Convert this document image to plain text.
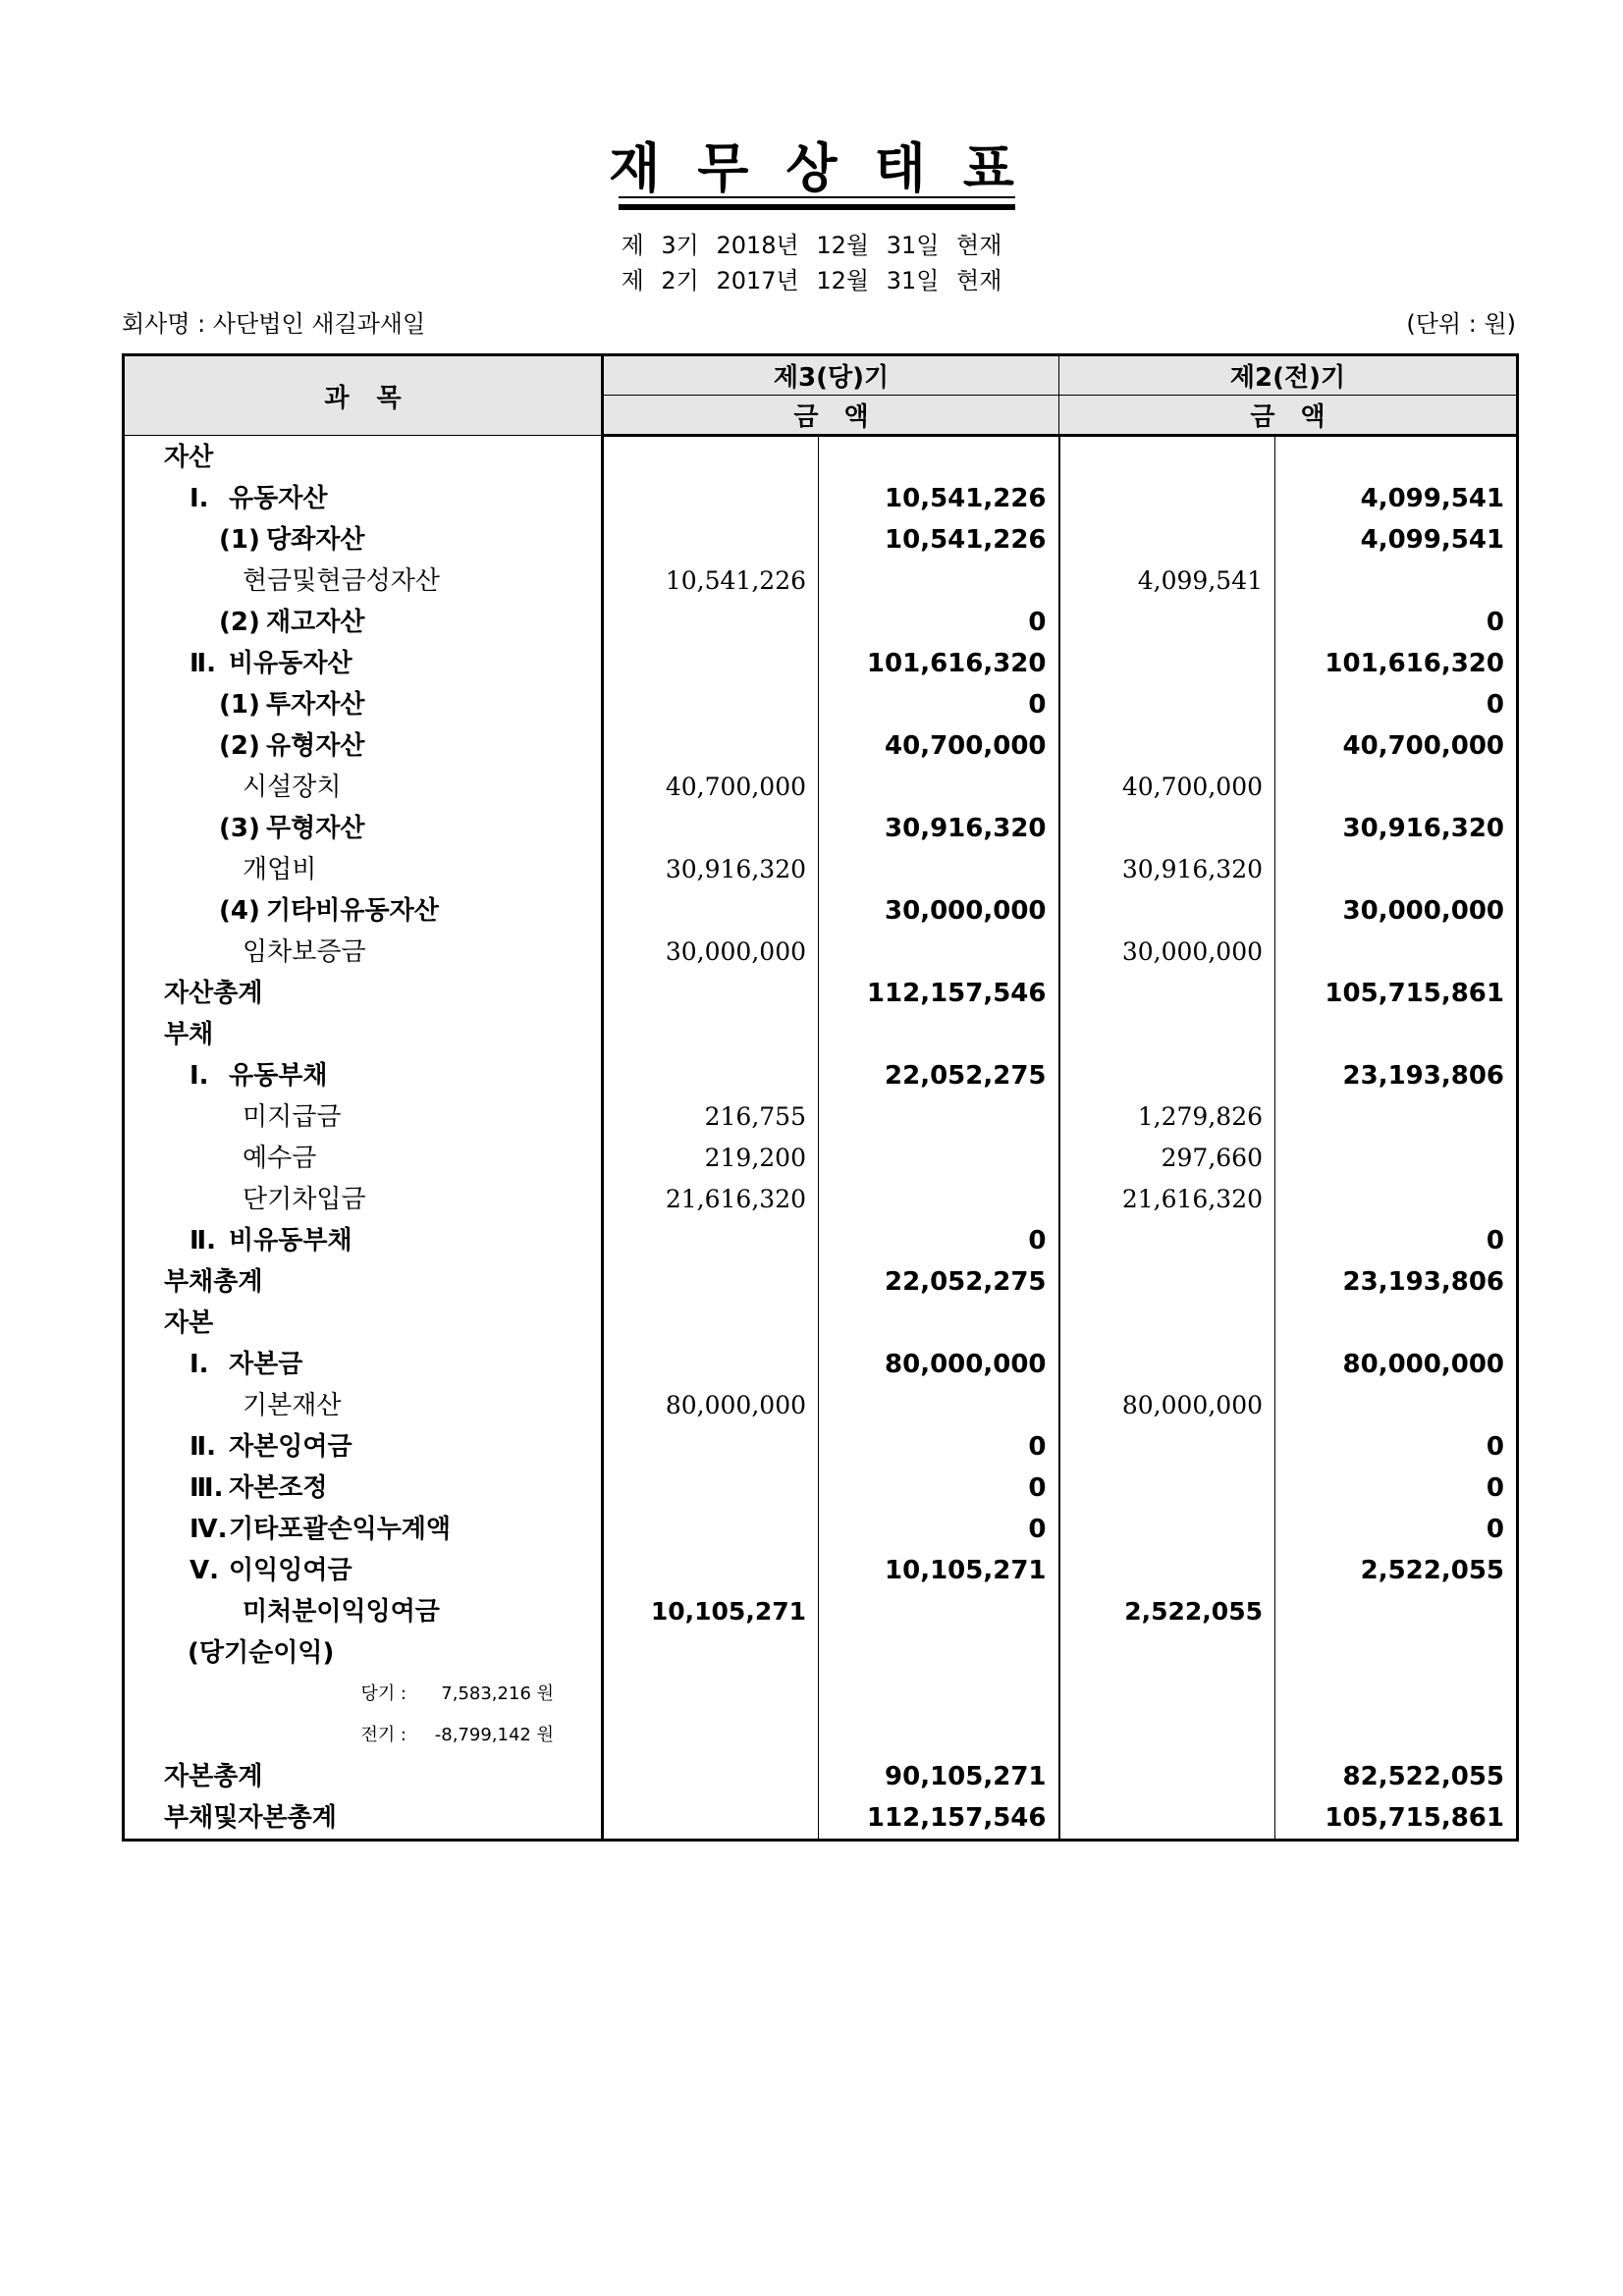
재무상태표
제 3기 2018년 12월 31일 현재
제 2기 2017년 12월 31일 현재
회사명 : 사단법인 새길과새일	(단위 : 원)
과목	제3(당)기		제2(전)기	
	금액		금액	

자산				

Ⅰ. 유동자산		10,541,226		4,099,541

(1) 당좌자산		10,541,226		4,099,541

현금및현금성자산	10,541,226		4,099,541	

(2) 재고자산		0		0

Ⅱ. 비유동자산		101,616,320		101,616,320

(1) 투자자산		0		0

(2) 유형자산		40,700,000		40,700,000

시설장치	40,700,000		40,700,000	

(3) 무형자산		30,916,320		30,916,320

개업비	30,916,320		30,916,320	

(4) 기타비유동자산		30,000,000		30,000,000

임차보증금	30,000,000		30,000,000	

자산총계		112,157,546		105,715,861

부채				

Ⅰ. 유동부채		22,052,275		23,193,806

미지급금	216,755		1,279,826	

예수금	219,200		297,660	

단기차입금	21,616,320		21,616,320	

Ⅱ. 비유동부채		0		0

부채총계		22,052,275		23,193,806

자본				

Ⅰ. 자본금		80,000,000		80,000,000

기본재산	80,000,000		80,000,000	

Ⅱ. 자본잉여금		0		0

Ⅲ. 자본조정		0		0

Ⅳ. 기타포괄손익누계액		0		0

Ⅴ. 이익잉여금		10,105,271		2,522,055

미처분이익잉여금	10,105,271		2,522,055	

(당기순이익)				

당기 : 7,583,216 원				

전기 : -8,799,142 원				

자본총계		90,105,271		82,522,055

부채및자본총계		112,157,546		105,715,861
